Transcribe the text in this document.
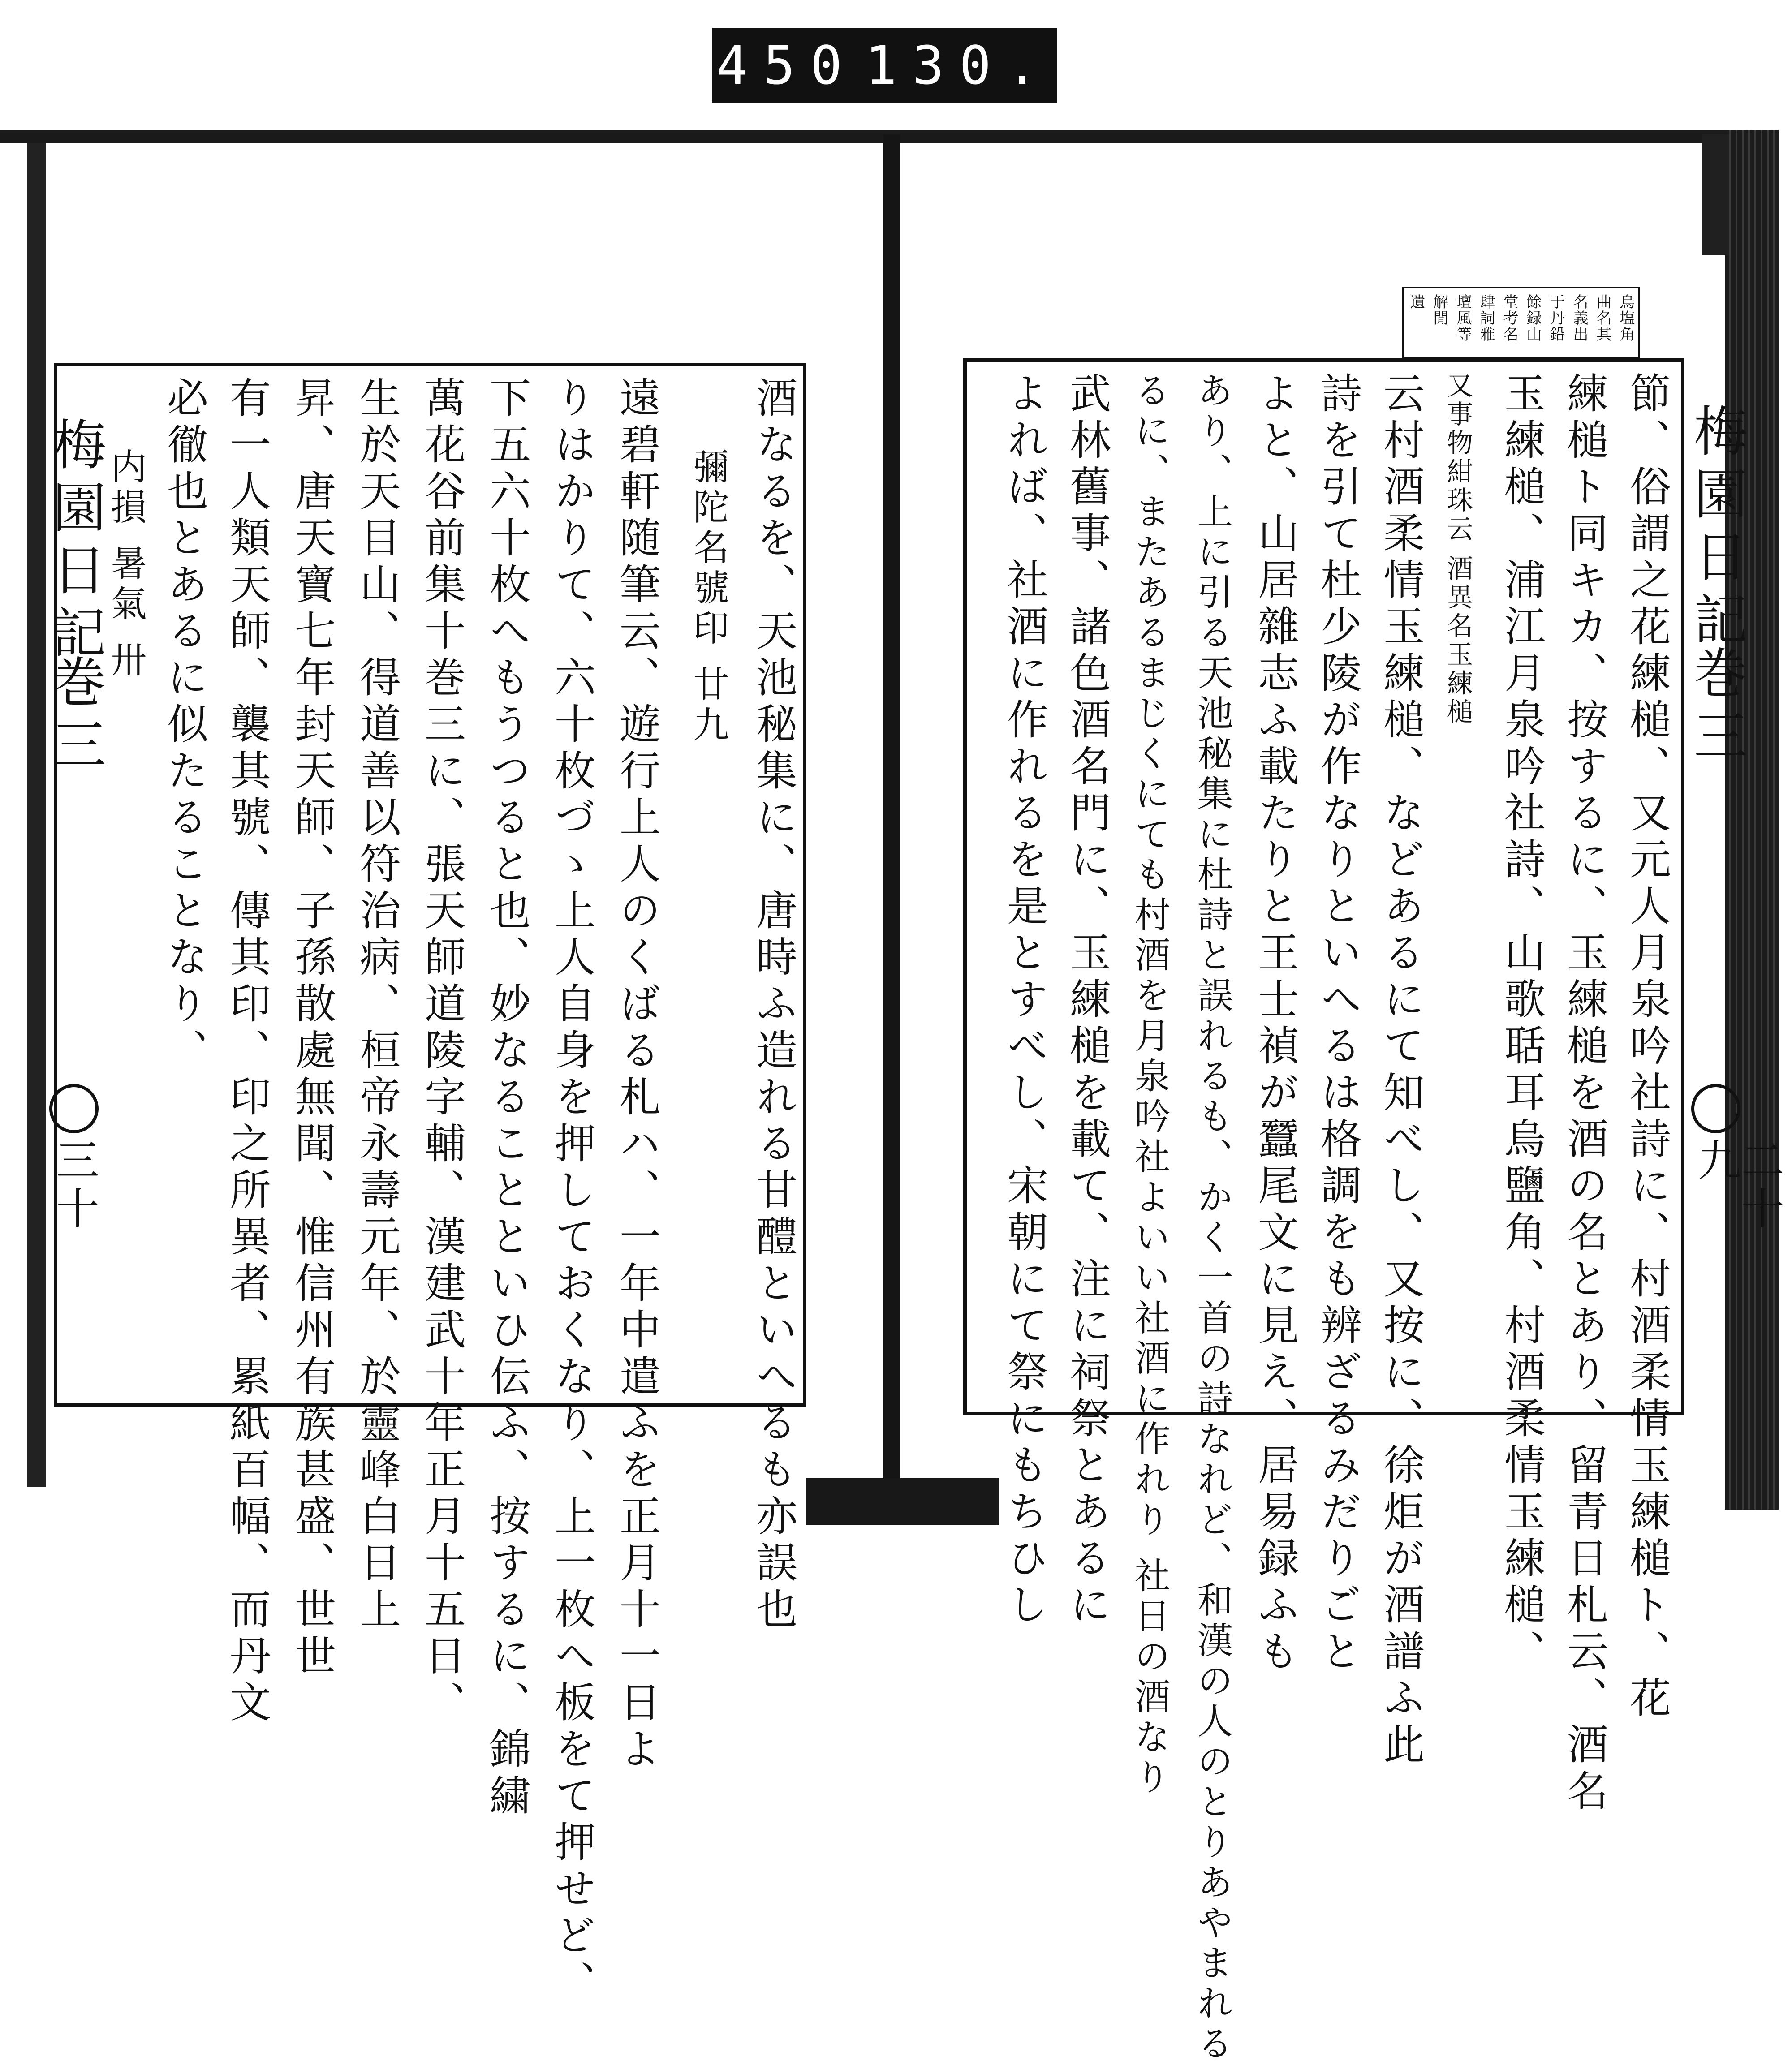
450 130.
梅園日記
巻三
三十	酒なるを、天池秘集に、唐時ふ造れる甘醴といへるも亦誤也
彌陀名號印 廿九
遠碧軒随筆云、遊行上人のくばる札ハ、一年中遣ふを正月十一日よ
りはかりて、六十枚づゝ上人自身を押しておくなり、上一枚へ板をて押せど、
下五六十枚へもうつると也、妙なることといひ伝ふ、按するに、錦繍
萬花谷前集十巻三に、張天師道陵字輔、漢建武十年正月十五日、
生於天目山、得道善以符治病、桓帝永壽元年、於靈峰白日上
昇、唐天寶七年封天師、子孫散處無聞、惟信州有族甚盛、世世
有一人類天師、襲其號、傳其印、印之所異者、累紙百幅、而丹文
必徹也とあるに似たることなり、
内損 暑氣 卅
烏塩角
曲名其
名義出
于丹鉛
餘録山
堂考名
肆詞雅
壇風等
解閒
遺
梅園日記
巻三
二十九
節、俗謂之花練槌、又元人月泉吟社詩に、村酒柔情玉練槌ト、花
練槌ト同キカ、按するに、玉練槌を酒の名とあり、留青日札云、酒名
玉練槌、浦江月泉吟社詩、山歌聒耳烏鹽角、村酒柔情玉練槌、
又事物紺珠云 酒異名玉練槌
云村酒柔情玉練槌、などあるにて知べし、又按に、徐炬が酒譜ふ此
詩を引て杜少陵が作なりといへるは格調をも辨ざるみだりごと
よと、山居雜志ふ載たりと王士禎が蠶尾文に見え、居易録ふも
あり、上に引る天池秘集に杜詩と誤れるも、かく一首の詩なれど、和漢の人のとりあやまれる
るに、またあるまじくにても村酒を月泉吟社よいい社酒に作れり 社日の酒なり
武林舊事、諸色酒名門に、玉練槌を載て、注に祠祭とあるに
よれば、社酒に作れるを是とすべし、宋朝にて祭にもちひし
